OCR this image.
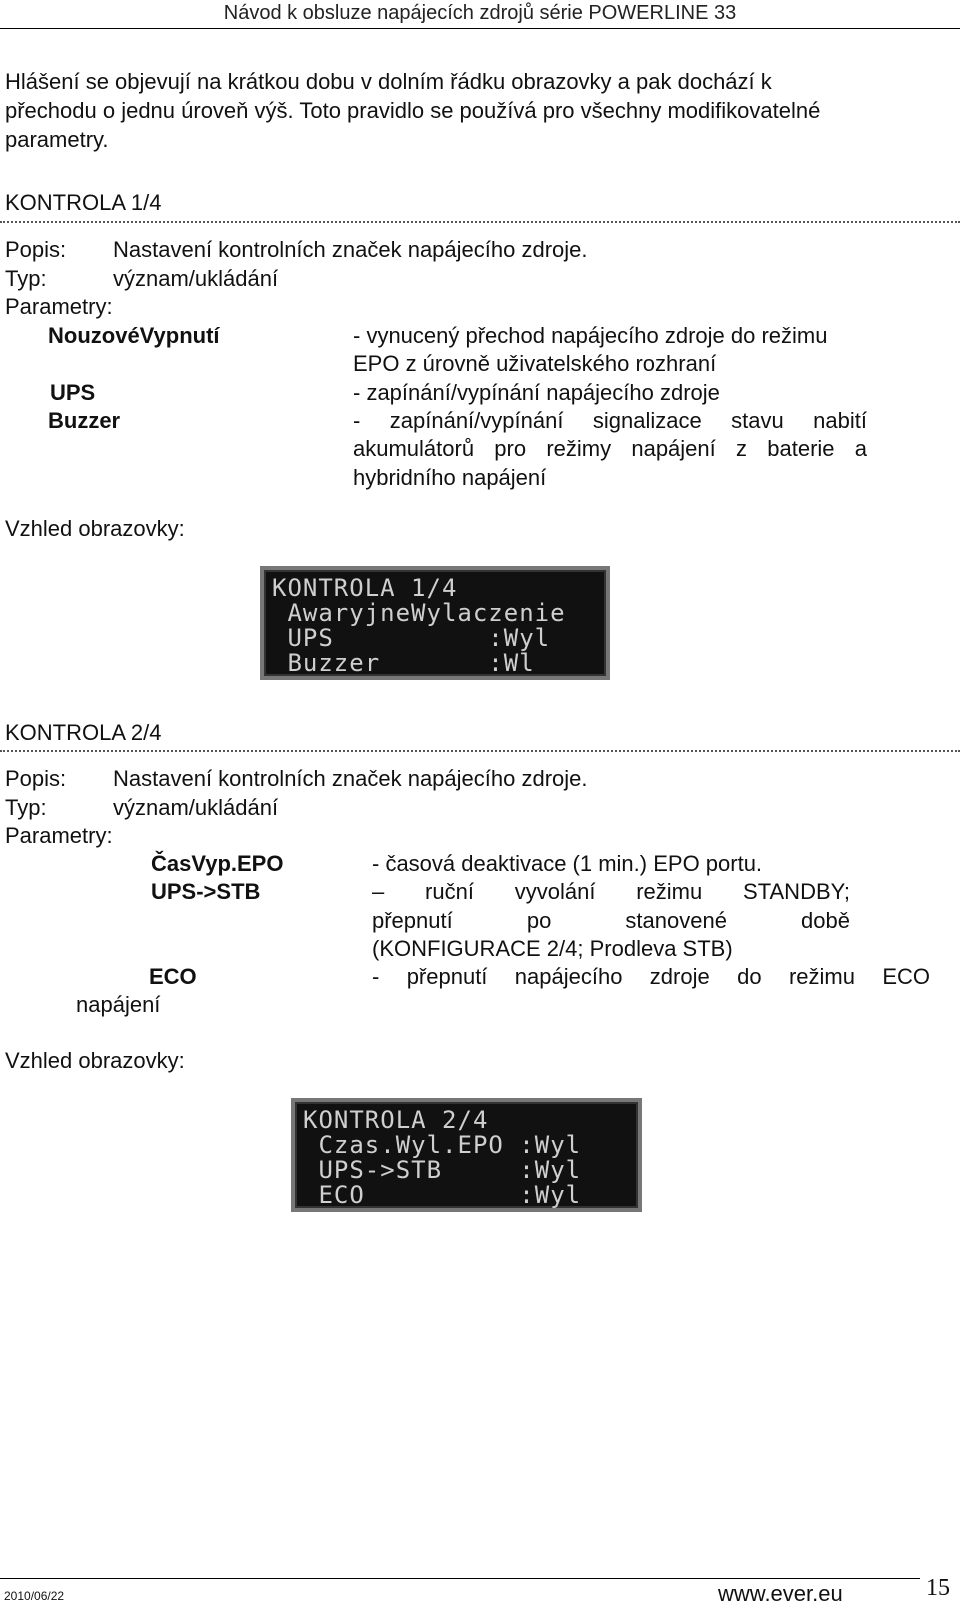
Návod k obsluze napájecích zdrojů série POWERLINE 33
Hlášení se objevují na krátkou dobu v dolním řádku obrazovky a pak dochází k
přechodu o jednu úroveň výš. Toto pravidlo se používá pro všechny modifikovatelné
parametry.
KONTROLA 1/4
Popis: Nastavení kontrolních značek napájecího zdroje.
Typ:	význam/ukládání
Parametry:
NouzovéVypnutí	- vynucený přechod napájecího zdroje do režimu
EPO z úrovně uživatelského rozhraní
UPS	- zapínání/vypínání napájecího zdroje
Buzzer	- zapínání/vypínání signalizace stavu nabití
akumulátorů pro režimy napájení z baterie a
hybridního napájení
Vzhled obrazovky:
KONTROLA 1/4
AwaryjneWylaczenie
UPS          :Wyl
Buzzer       :Wl
KONTROLA 2/4
Popis: Nastavení kontrolních značek napájecího zdroje.
Typ:	význam/ukládání
Parametry:
ČasVyp.EPO	- časová deaktivace (1 min.) EPO portu.
UPS->STB	– ruční vyvolání režimu STANDBY;
přepnutí po stanovené době
(KONFIGURACE 2/4; Prodleva STB)
ECO	- přepnutí napájecího zdroje do režimu ECO
napájení
Vzhled obrazovky:
KONTROLA 2/4
Czas.Wyl.EPO :Wyl
UPS->STB     :Wyl
ECO          :Wyl
2010/06/22	www.ever.eu	15
